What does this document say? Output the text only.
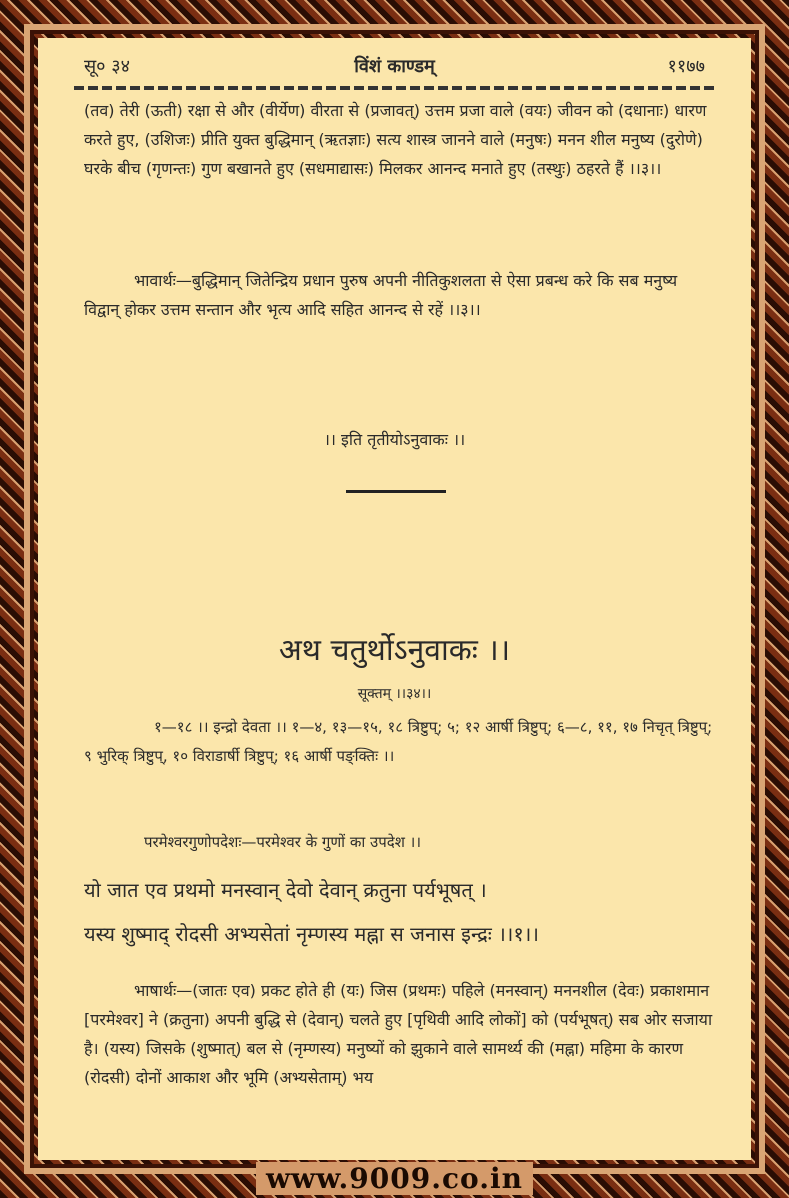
सू० ३४	विंशं काण्डम्	११७७

(तव) तेरी (ऊती) रक्षा से और (वीर्येण) वीरता से (प्रजावत्) उत्तम प्रजा वाले (वयः) जीवन को (दधानाः) धारण करते हुए, (उशिजः) प्रीति युक्त बुद्धिमान् (ऋतज्ञाः) सत्य शास्त्र जानने वाले (मनुषः) मनन शील मनुष्य (दुरोणे) घरके बीच (गृणन्तः) गुण बखानते हुए (सधमाद्यासः) मिलकर आनन्द मनाते हुए (तस्थुः) ठहरते हैं ।।३।।

भावार्थः—बुद्धिमान् जितेन्द्रिय प्रधान पुरुष अपनी नीतिकुशलता से ऐसा प्रबन्ध करे कि सब मनुष्य विद्वान् होकर उत्तम सन्तान और भृत्य आदि सहित आनन्द से रहें ।।३।।

।। इति तृतीयोऽनुवाकः ।।
अथ चतुर्थोऽनुवाकः ।।
सूक्तम् ।।३४।।

१—१८ ।। इन्द्रो देवता ।। १—४, १३—१५, १८ त्रिष्टुप्; ५; १२ आर्षी त्रिष्टुप्; ६—८, ११, १७ निचृत् त्रिष्टुप्; ९ भुरिक् त्रिष्टुप्, १० विराडार्षी त्रिष्टुप्; १६ आर्षी पङ्क्तिः ।।

परमेश्वरगुणोपदेशः—परमेश्वर के गुणों का उपदेश ।।

यो जात एव प्रथमो मनस्वान् देवो देवान् क्रतुना पर्यभूषत् ।

यस्य शुष्माद् रोदसी अभ्यसेतां नृम्णस्य मह्ना स जनास इन्द्रः ।।१।।

भाषार्थः—(जातः एव) प्रकट होते ही (यः) जिस (प्रथमः) पहिले (मनस्वान्) मननशील (देवः) प्रकाशमान [परमेश्वर] ने (क्रतुना) अपनी बुद्धि से (देवान्) चलते हुए [पृथिवी आदि लोकों] को (पर्यभूषत्) सब ओर सजाया है। (यस्य) जिसके (शुष्मात्) बल से (नृम्णस्य) मनुष्यों को झुकाने वाले सामर्थ्य की (मह्ना) महिमा के कारण (रोदसी) दोनों आकाश और भूमि (अभ्यसेताम्) भय

www.9009.co.in
